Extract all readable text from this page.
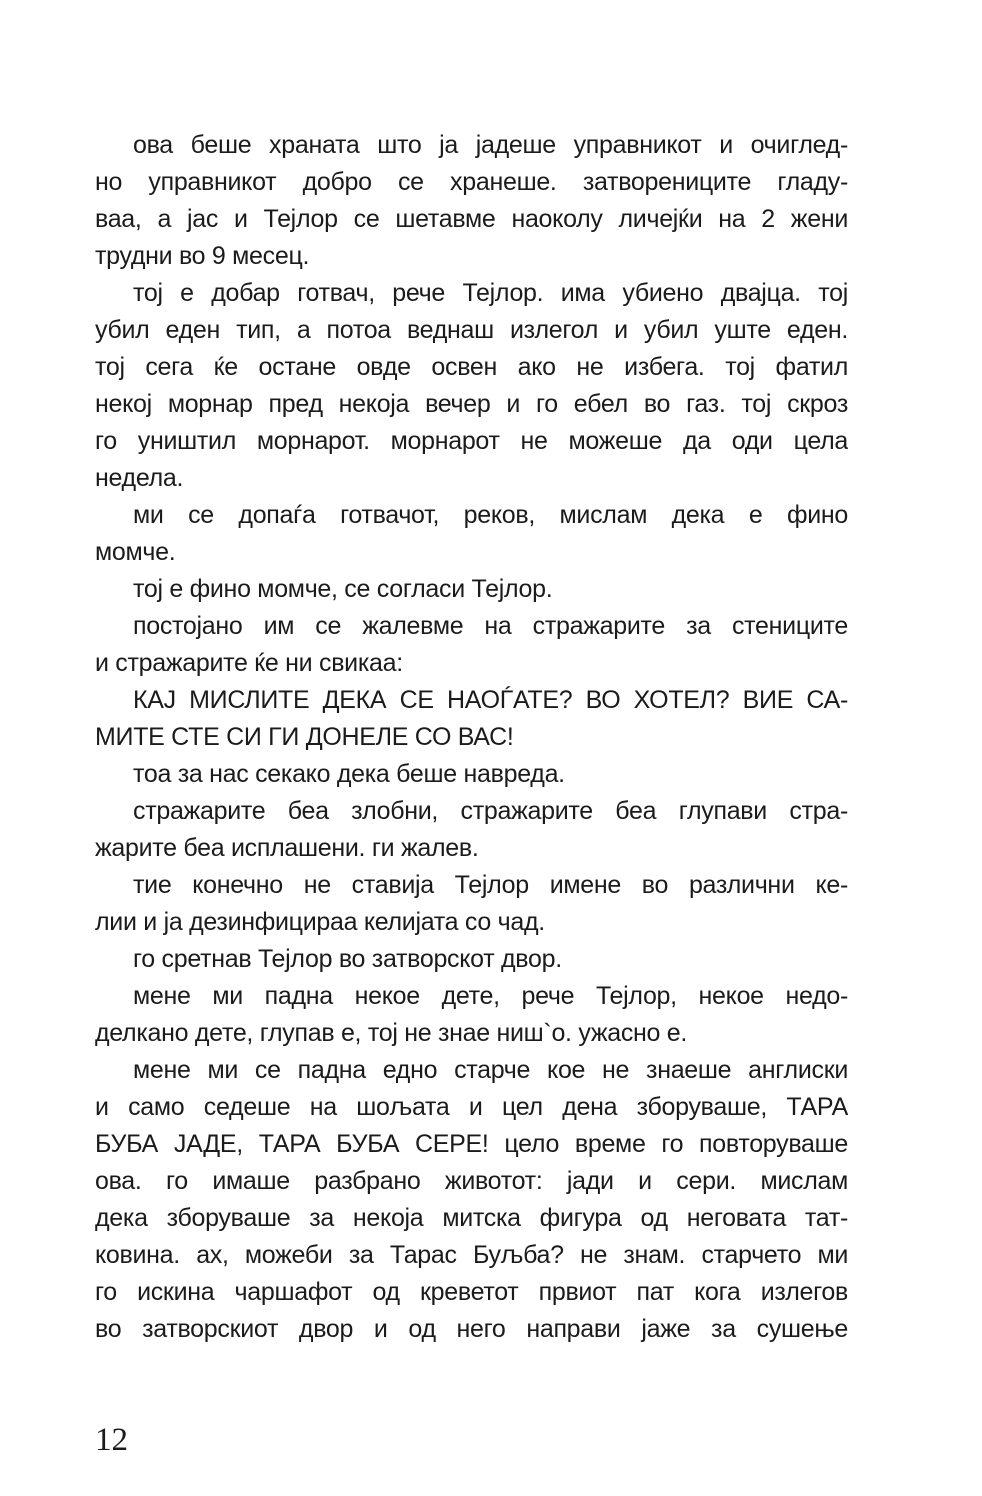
ова беше храната што ја јадеше управникот и очиглед-
но управникот добро се хранеше. затворениците гладу-
ваа, а јас и Тејлор се шетавме наоколу личејќи на 2 жени
трудни во 9 месец.
тој е добар готвач, рече Тејлор. има убиено двајца. тој
убил еден тип, а потоа веднаш излегол и убил уште еден.
тој сега ќе остане овде освен ако не избега. тој фатил
некој морнар пред некоја вечер и го ебел во газ. тој скроз
го уништил морнарот. морнарот не можеше да оди цела
недела.
ми се допаѓа готвачот, реков, мислам дека е фино
момче.
тој е фино момче, се согласи Тејлор.
постојано им се жалевме на стражарите за стениците
и стражарите ќе ни свикаа:
КАЈ МИСЛИТЕ ДЕКА СЕ НАОЃАТЕ? ВО ХОТЕЛ? ВИЕ СА-
МИТЕ СТЕ СИ ГИ ДОНЕЛЕ СО ВАС!
тоа за нас секако дека беше навреда.
стражарите беа злобни, стражарите беа глупави стра-
жарите беа исплашени. ги жалев.
тие конечно не ставија Тејлор имене во различни ке-
лии и ја дезинфицираа келијата со чад.
го сретнав Тејлор во затворскот двор.
мене ми падна некое дете, рече Тејлор, некое недо-
делкано дете, глупав е, тој не знае ниш`о. ужасно е.
мене ми се падна едно старче кое не знаеше англиски
и само седеше на шољата и цел дена зборуваше, ТАРА
БУБА ЈАДЕ, ТАРА БУБА СЕРЕ! цело време го повторуваше
ова. го имаше разбрано животот: јади и сери. мислам
дека зборуваше за некоја митска фигура од неговата тат-
ковина. ах, можеби за Тарас Буљба? не знам. старчето ми
го искина чаршафот од креветот првиот пат кога излегов
во затворскиот двор и од него направи јаже за сушење
12
